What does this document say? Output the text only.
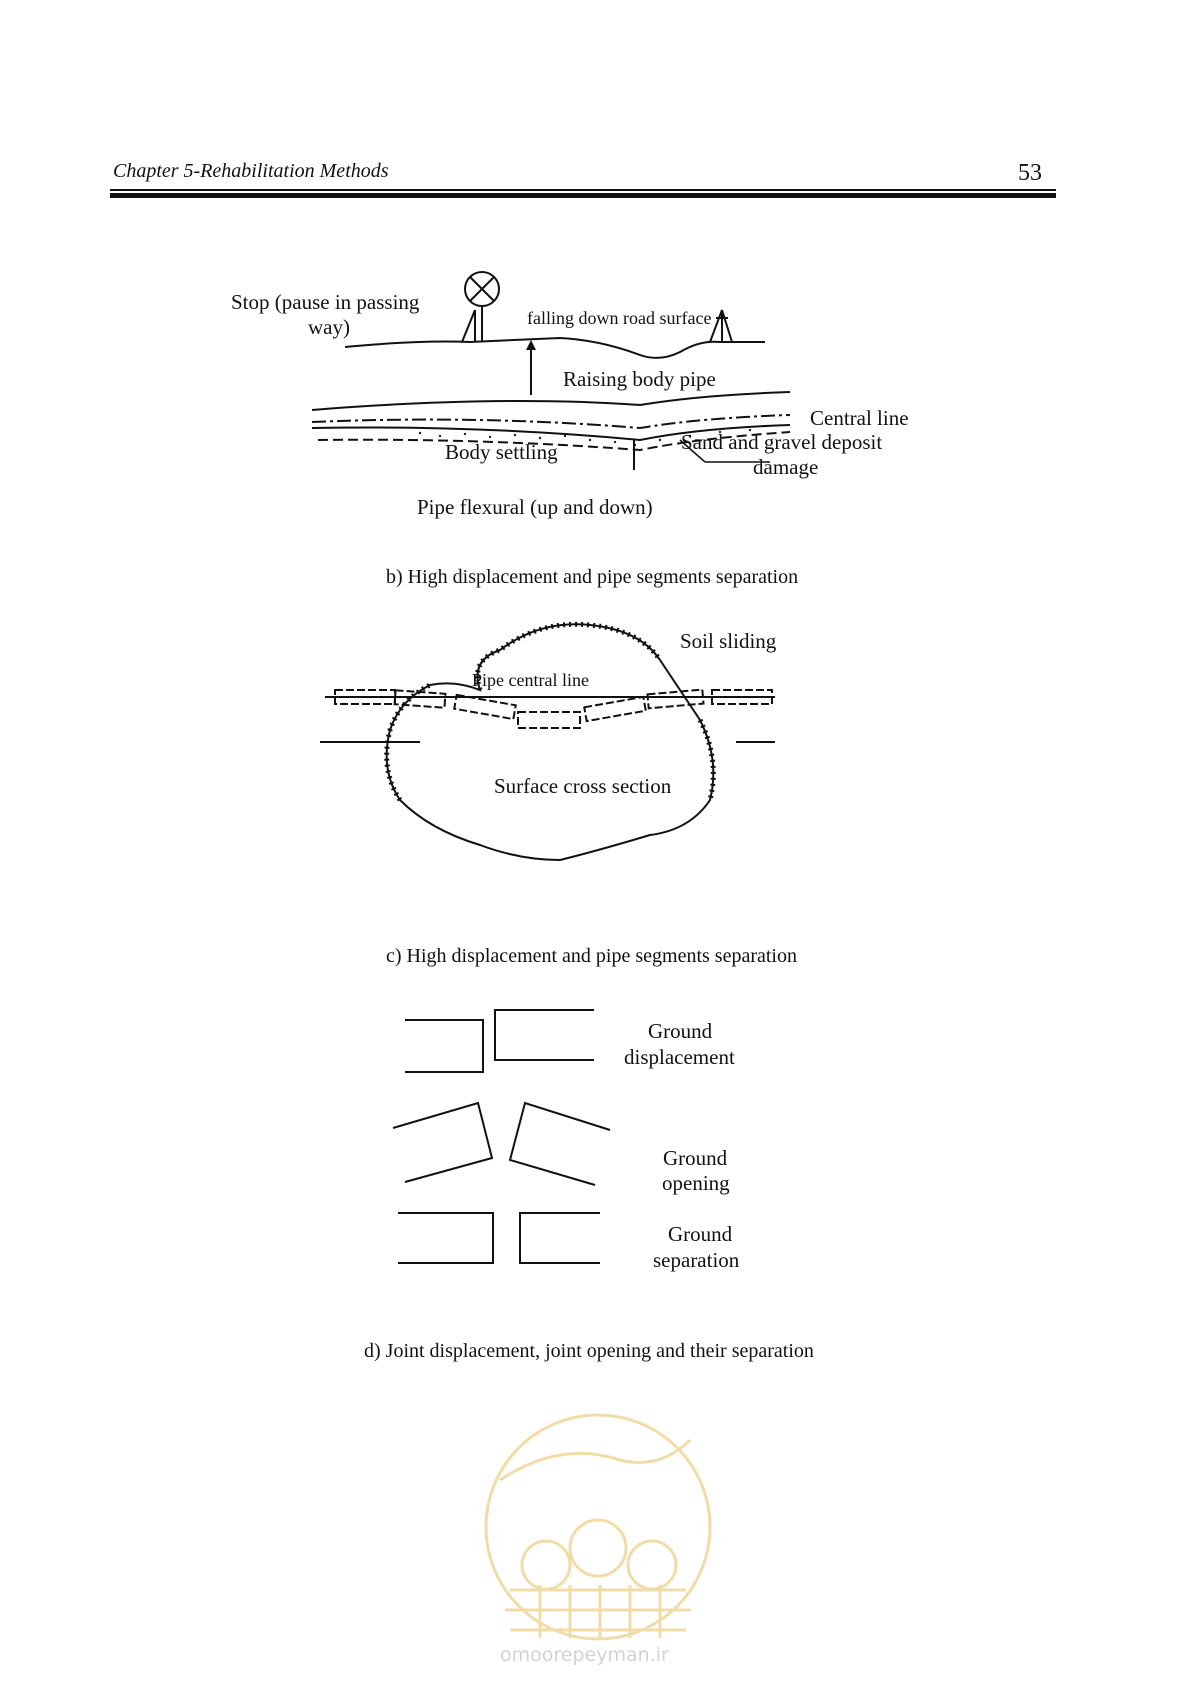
Chapter 5-Rehabilitation Methods	53
Stop (pause in passing
way)	falling down road surface
Raising body pipe
Central line
Sand and gravel deposit
damage
Body settling
Pipe flexural (up and down)
b) High displacement and pipe segments separation
Soil sliding
Pipe central line
Surface cross section
c) High displacement and pipe segments separation
Ground
displacement
Ground
opening
Ground
separation
d) Joint displacement, joint opening and their separation
omoorepeyman.ir
